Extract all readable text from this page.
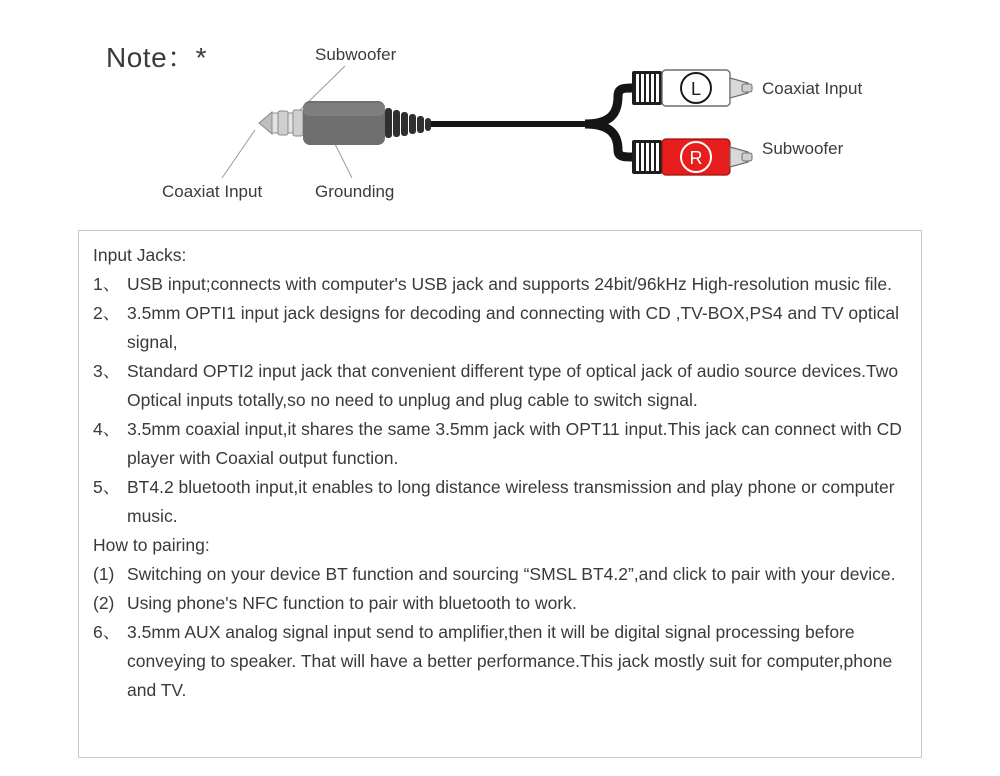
Note：*	Subwoofer
Coaxiat Input	Grounding
Coaxiat Input
Subwoofer
L
R
Input Jacks:
1、 USB input;connects with computer's USB jack and supports 24bit/96kHz High-resolution music file.
2、 3.5mm OPTI1 input jack designs for decoding and connecting with CD ,TV-BOX,PS4 and TV optical signal,
3、 Standard OPTI2 input jack that convenient different type of optical jack of audio source devices.Two Optical inputs totally,so no need to unplug and plug cable to switch signal.
4、 3.5mm coaxial input,it shares the same 3.5mm jack with OPT11 input.This jack can connect with CD player with Coaxial output function.
5、 BT4.2 bluetooth input,it enables to long distance wireless transmission and play phone or computer music.
How to pairing:
(1) Switching on your device BT function and sourcing “SMSL BT4.2”,and click to pair with your device.
(2) Using phone's NFC function to pair with bluetooth to work.
6、 3.5mm AUX analog signal input send to amplifier,then it will be digital signal processing before conveying to speaker. That will have a better performance.This jack mostly suit for computer,phone and TV.
